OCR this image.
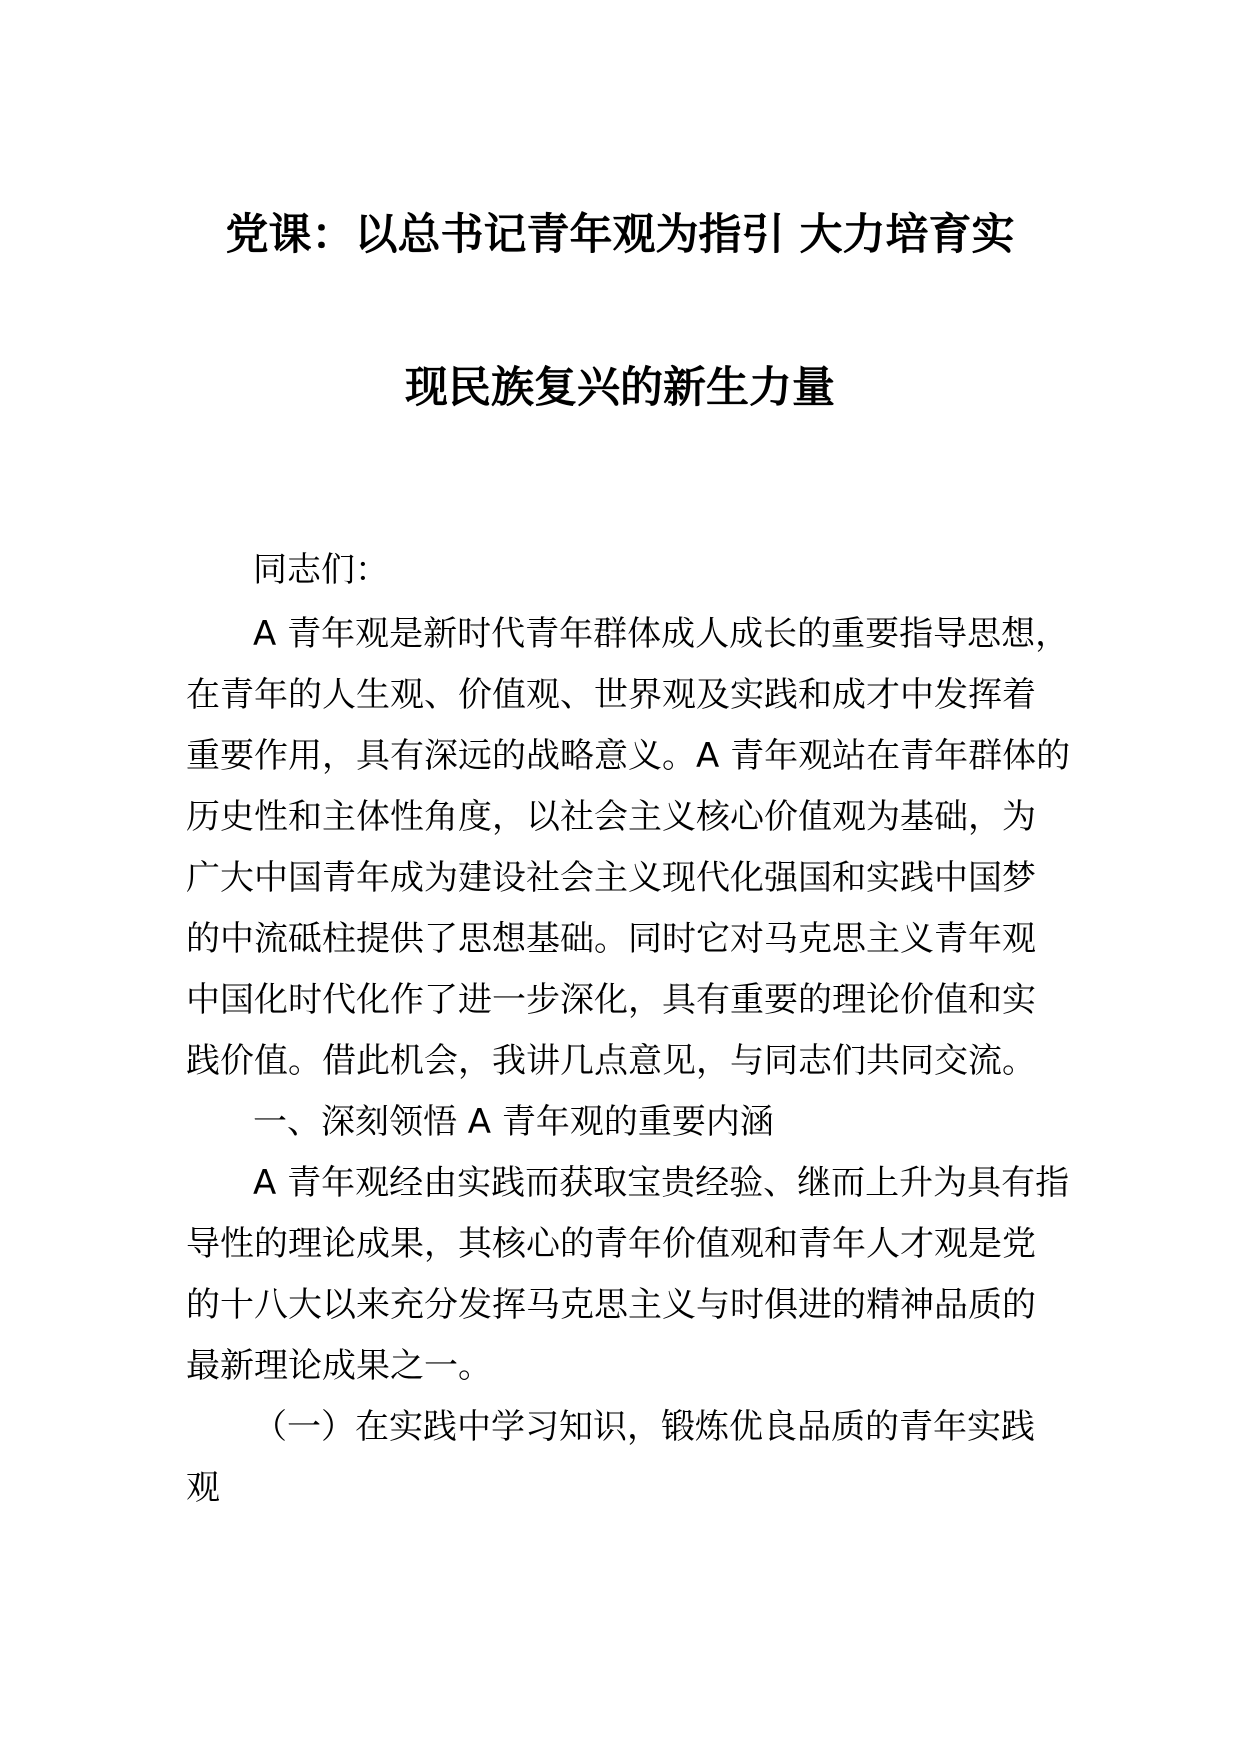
党课：以总书记青年观为指引 大力培育实
现民族复兴的新生力量
同志们：
A 青年观是新时代青年群体成人成长的重要指导思想，
在青年的人生观、价值观、世界观及实践和成才中发挥着
重要作用，具有深远的战略意义。A 青年观站在青年群体的
历史性和主体性角度，以社会主义核心价值观为基础，为
广大中国青年成为建设社会主义现代化强国和实践中国梦
的中流砥柱提供了思想基础。同时它对马克思主义青年观
中国化时代化作了进一步深化，具有重要的理论价值和实
践价值。借此机会，我讲几点意见，与同志们共同交流。
一、深刻领悟 A 青年观的重要内涵
A 青年观经由实践而获取宝贵经验、继而上升为具有指
导性的理论成果，其核心的青年价值观和青年人才观是党
的十八大以来充分发挥马克思主义与时俱进的精神品质的
最新理论成果之一。
（一）在实践中学习知识，锻炼优良品质的青年实践
观
